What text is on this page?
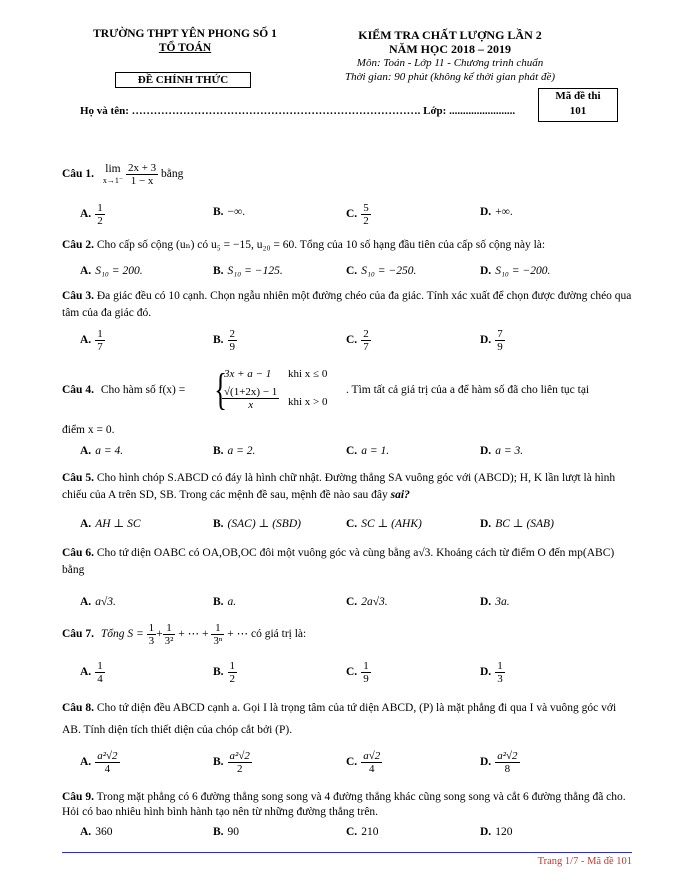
TRƯỜNG THPT YÊN PHONG SỐ 1
TỔ TOÁN
KIỂM TRA CHẤT LƯỢNG LẦN 2
NĂM HỌC 2018 – 2019
Môn: Toán - Lớp 11 - Chương trình chuẩn
Thời gian: 90 phút (không kể thời gian phát đề)
ĐỀ CHÍNH THỨC
Mã đề thi
101
Họ và tên: ……………………………………………………………………. Lớp: ........................
Câu 1. lim
$x\to 1^- \frac{2x + 3}{1 - x}$ bằng
A. $\frac{1}{2}$	B. −∞.	C. $\frac{5}{2}$	D. +∞.
Câu 2. Cho cấp số cộng (uₙ) có u₅ = −15, u₂₀ = 60. Tổng của 10 số hạng đầu tiên của cấp số cộng này là:
A. S₁₀ = 200.	B. S₁₀ = −125.	C. S₁₀ = −250.	D. S₁₀ = −200.
Câu 3. Đa giác đều có 10 cạnh. Chọn ngẫu nhiên một đường chéo của đa giác. Tính xác xuất để chọn được đường chéo qua tâm của đa giác đó.
A. $\frac{1}{7}$	B. $\frac{2}{9}$	C. $\frac{2}{7}$	D. $\frac{7}{9}$
Câu 4. Cho hàm số f(x) = {
3x + a − 1 khi x ≤ 0
$\frac{√(1+2x) - 1}{x}$ khi x > 0
. Tìm tất cả giá trị của a để hàm số đã cho liên tục tại
điểm x = 0.
A. a = 4.	B. a = 2.	C. a = 1.	D. a = 3.
Câu 5. Cho hình chóp S.ABCD có đáy là hình chữ nhật. Đường thẳng SA vuông góc với (ABCD); H, K lần lượt là hình chiếu của A trên SD, SB. Trong các mệnh đề sau, mệnh đề nào sau đây sai?
A. AH ⊥ SC	B. (SAC) ⊥ (SBD)	C. SC ⊥ (AHK)	D. BC ⊥ (SAB)
Câu 6. Cho tứ diện OABC có OA,OB,OC đôi một vuông góc và cùng bằng a√3. Khoảng cách từ điểm O đến mp(ABC) bằng
A. a√3.	B. a.	C. 2a√3.	D. 3a.
Câu 7. Tổng $S = \frac{1}{3} + \frac{1}{\text{3²}}$ + ⋯ + $\frac{1}{\text{3ⁿ}}$ + ⋯ có giá trị là:
A. $\frac{1}{4}$	B. $\frac{1}{2}$	C. $\frac{1}{9}$	D. $\frac{1}{3}$
Câu 8. Cho tứ diện đều ABCD cạnh a. Gọi I là trọng tâm của tứ diện ABCD, (P) là mặt phẳng đi qua I và vuông góc với AB. Tính diện tích thiết diện của chóp cắt bởi (P).
A. $\frac{\text{a²√2}}{4}$	B. $\frac{\text{a²√2}}{2}$	C. $\frac{a√2}{4}$	D. $\frac{\text{a²√2}}{8}$
Câu 9. Trong mặt phẳng có 6 đường thẳng song song và 4 đường thẳng khác cũng song song và cắt 6 đường thẳng đã cho. Hỏi có bao nhiêu hình bình hành tạo nên từ những đường thẳng trên.
A. 360	B. 90	C. 210	D. 120
Trang 1/7 - Mã đề 101
